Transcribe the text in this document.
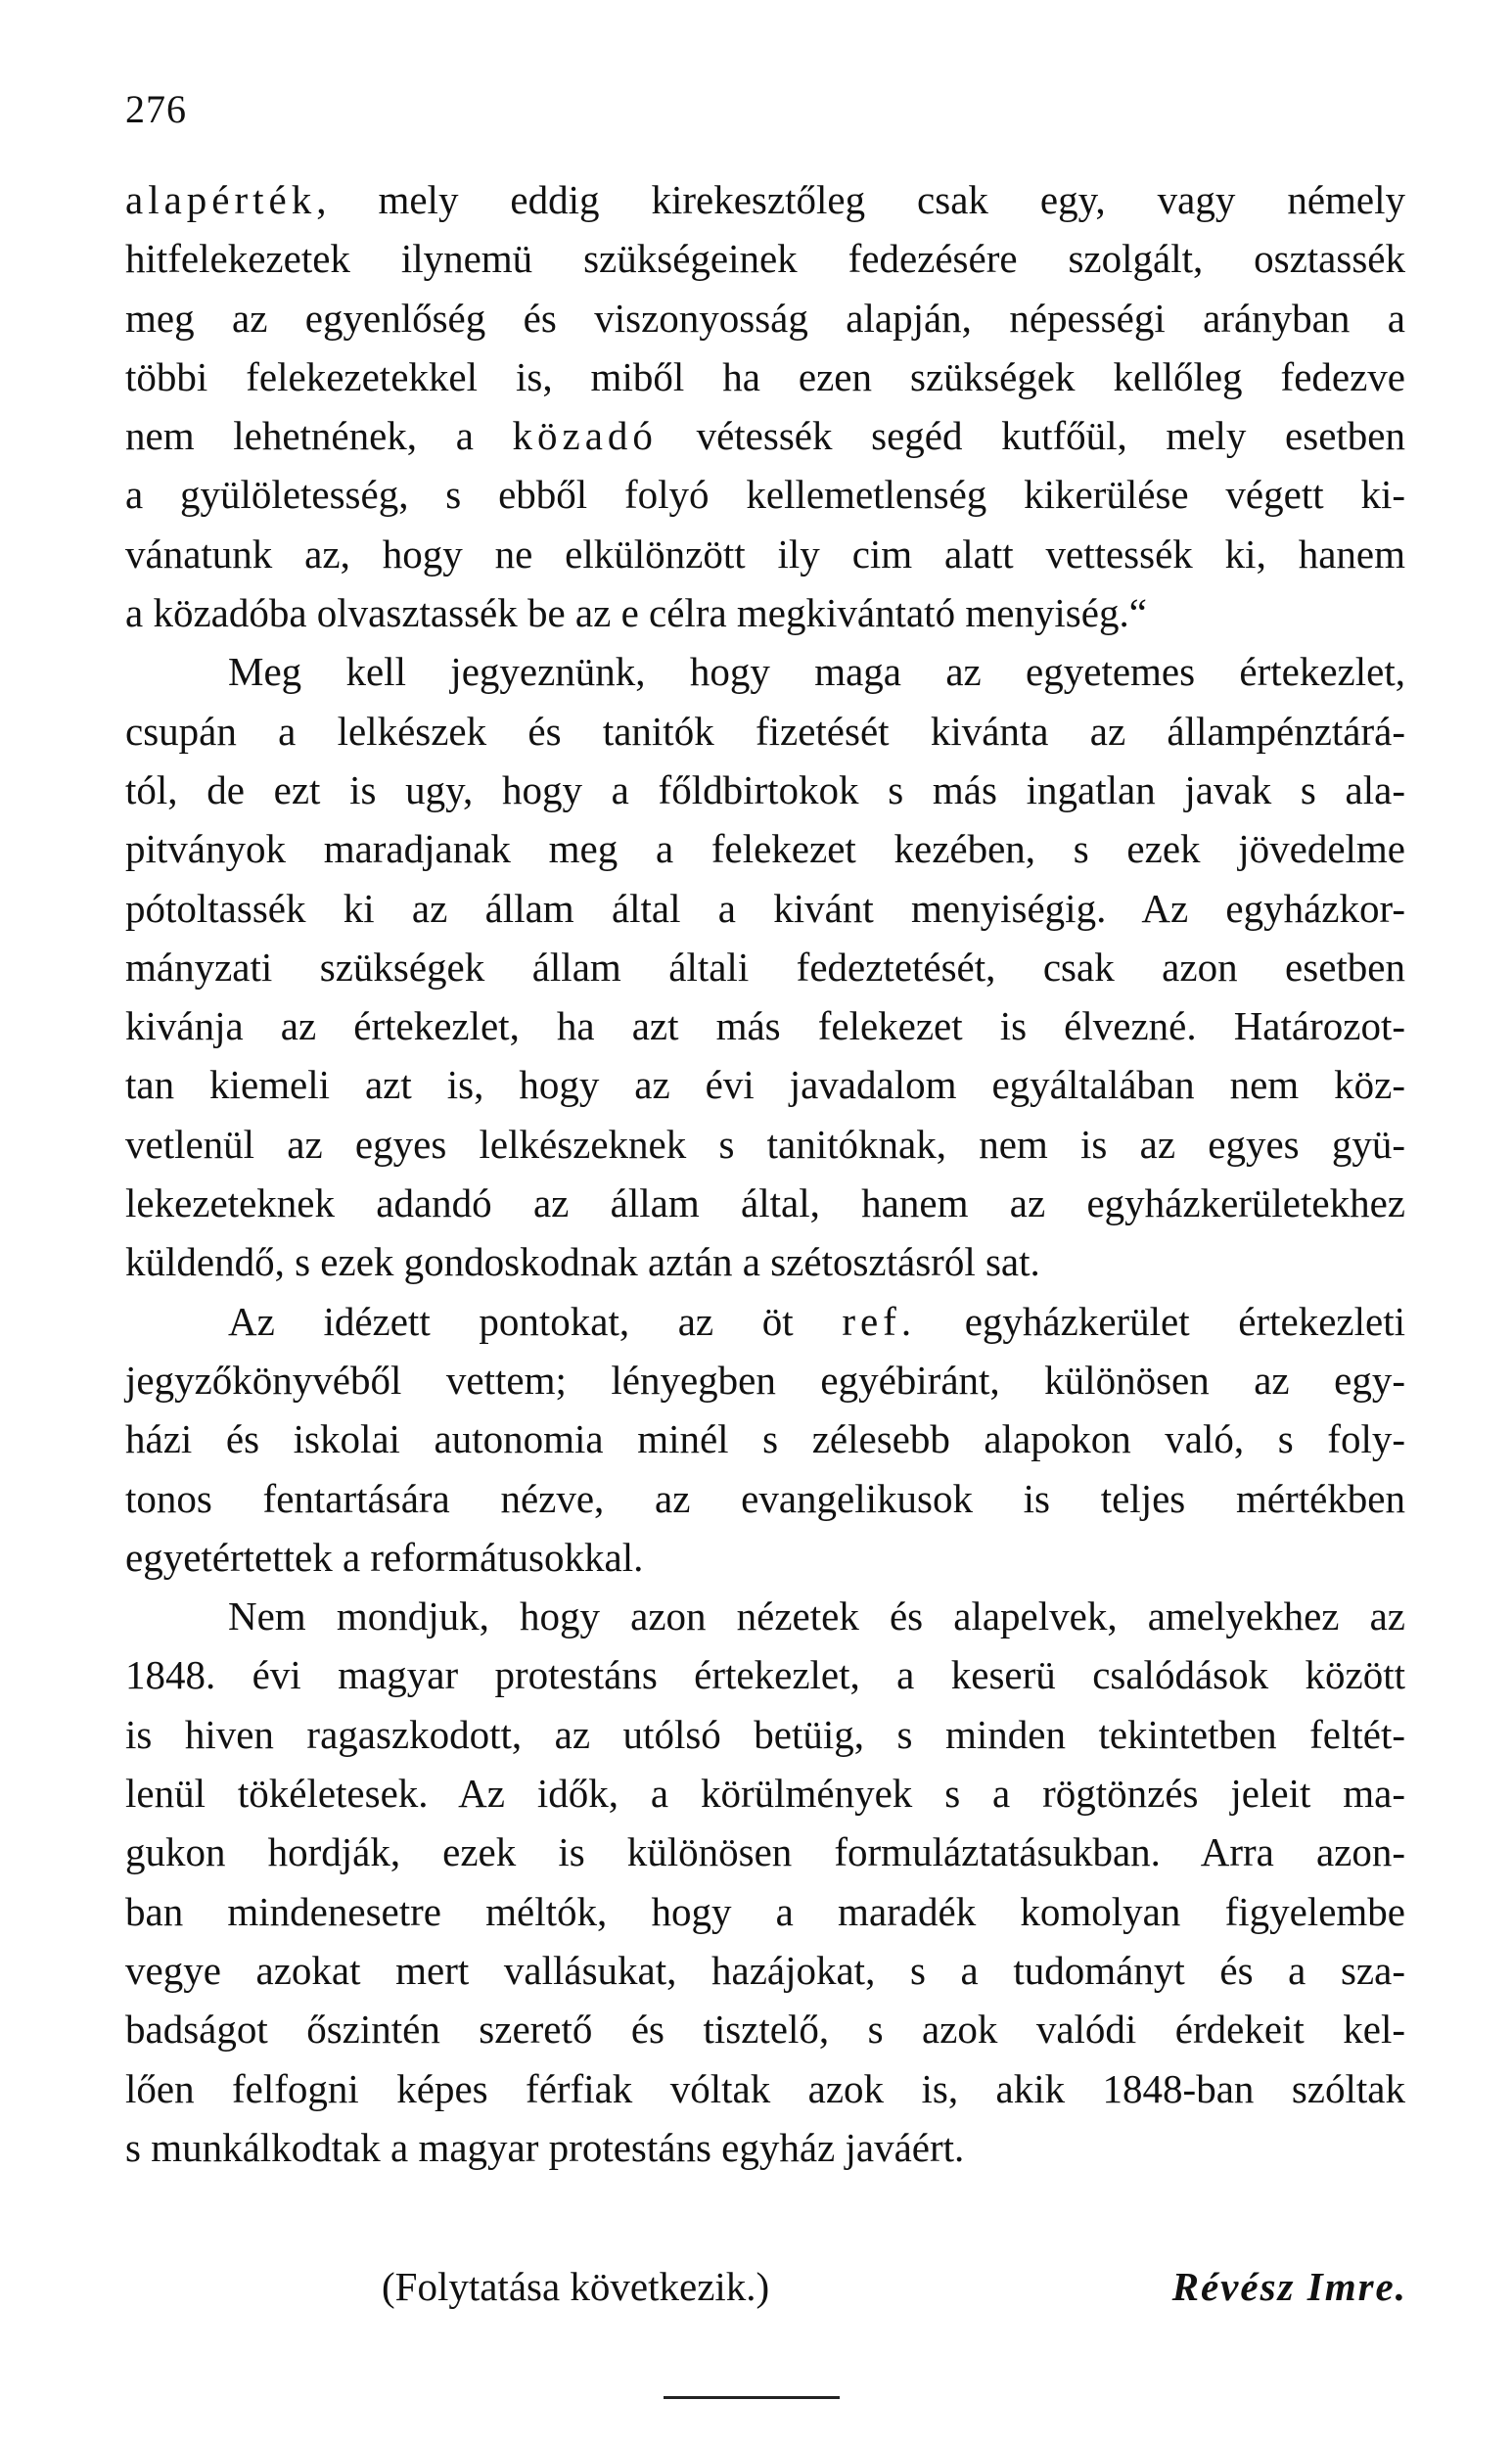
276
alapérték, mely eddig kirekesztőleg csak egy, vagy némely
hitfelekezetek ilynemü szükségeinek fedezésére szolgált, osztassék
meg az egyenlőség és viszonyosság alapján, népességi arányban a
többi felekezetekkel is, miből ha ezen szükségek kellőleg fedezve
nem lehetnének, a közadó vétessék segéd kutfőül, mely esetben
a gyülöletesség, s ebből folyó kellemetlenség kikerülése végett ki-
vánatunk az, hogy ne elkülönzött ily cim alatt vettessék ki, hanem
a közadóba olvasztassék be az e célra megkivántató menyiség.“
Meg kell jegyeznünk, hogy maga az egyetemes értekezlet,
csupán a lelkészek és tanitók fizetését kivánta az állampénztárá-
tól, de ezt is ugy, hogy a főldbirtokok s más ingatlan javak s ala-
pitványok maradjanak meg a felekezet kezében, s ezek jövedelme
pótoltassék ki az állam által a kivánt menyiségig. Az egyházkor-
mányzati szükségek állam általi fedeztetését, csak azon esetben
kivánja az értekezlet, ha azt más felekezet is élvezné. Határozot-
tan kiemeli azt is, hogy az évi javadalom egyáltalában nem köz-
vetlenül az egyes lelkészeknek s tanitóknak, nem is az egyes gyü-
lekezeteknek adandó az állam által, hanem az egyházkerületekhez
küldendő, s ezek gondoskodnak aztán a szétosztásról sat.
Az idézett pontokat, az öt ref. egyházkerület értekezleti
jegyzőkönyvéből vettem; lényegben egyébiránt, különösen az egy-
házi és iskolai autonomia minél s zélesebb alapokon való, s foly-
tonos fentartására nézve, az evangelikusok is teljes mértékben
egyetértettek a reformátusokkal.
Nem mondjuk, hogy azon nézetek és alapelvek, amelyekhez az
1848. évi magyar protestáns értekezlet, a keserü csalódások között
is hiven ragaszkodott, az utólsó betüig, s minden tekintetben feltét-
lenül tökéletesek. Az idők, a körülmények s a rögtönzés jeleit ma-
gukon hordják, ezek is különösen formuláztatásukban. Arra azon-
ban mindenesetre méltók, hogy a maradék komolyan figyelembe
vegye azokat mert vallásukat, hazájokat, s a tudományt és a sza-
badságot őszintén szerető és tisztelő, s azok valódi érdekeit kel-
lően felfogni képes férfiak vóltak azok is, akik 1848-ban szóltak
s munkálkodtak a magyar protestáns egyház javáért.
(Folytatása következik.)	Révész Imre.
